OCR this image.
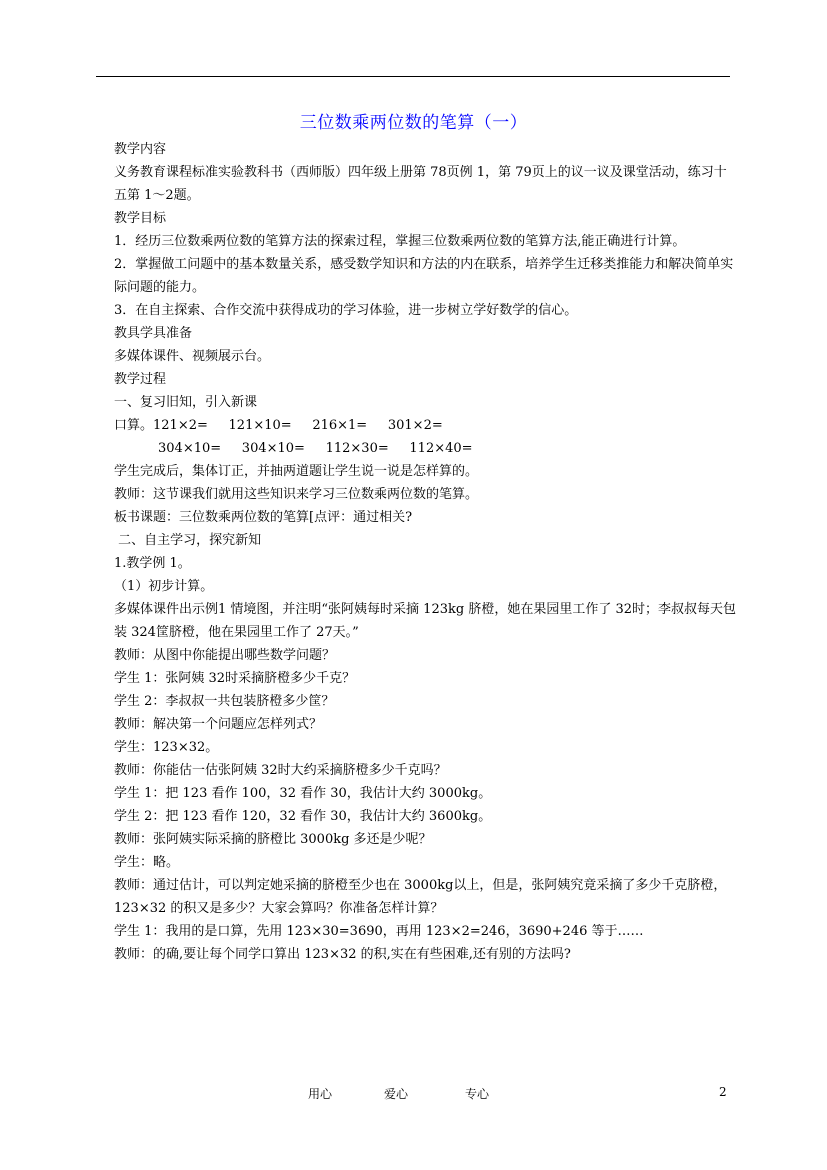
三位数乘两位数的笔算（一）

教学内容

义务教育课程标准实验教科书（西师版）四年级上册第 78页例 1，第 79页上的议一议及课堂活动，练习十五第 1～2题。

教学目标

1．经历三位数乘两位数的笔算方法的探索过程，掌握三位数乘两位数的笔算方法,能正确进行计算。

2．掌握做工问题中的基本数量关系，感受数学知识和方法的内在联系，培养学生迁移类推能力和解决简单实际问题的能力。

3．在自主探索、合作交流中获得成功的学习体验，进一步树立学好数学的信心。

教具学具准备

多媒体课件、视频展示台。

教学过程

一、复习旧知，引入新课

口算。121×2=     121×10=     216×1=     301×2=

304×10=     304×10=     112×30=     112×40=

学生完成后，集体订正，并抽两道题让学生说一说是怎样算的。

教师：这节课我们就用这些知识来学习三位数乘两位数的笔算。

板书课题：三位数乘两位数的笔算[点评：通过相关?

二、自主学习，探究新知

1.教学例 1。

（1）初步计算。

多媒体课件出示例1 情境图，并注明“张阿姨每时采摘 123kg 脐橙，她在果园里工作了 32时；李叔叔每天包装 324筐脐橙，他在果园里工作了 27天。”

教师：从图中你能提出哪些数学问题？

学生 1：张阿姨 32时采摘脐橙多少千克？

学生 2：李叔叔一共包装脐橙多少筐？

教师：解决第一个问题应怎样列式？

学生：123×32。

教师：你能估一估张阿姨 32时大约采摘脐橙多少千克吗？

学生 1：把 123 看作 100，32 看作 30，我估计大约 3000kg。

学生 2：把 123 看作 120，32 看作 30，我估计大约 3600kg。

教师：张阿姨实际采摘的脐橙比 3000kg 多还是少呢？

学生：略。

教师：通过估计，可以判定她采摘的脐橙至少也在 3000kg以上，但是，张阿姨究竟采摘了多少千克脐橙，123×32 的积又是多少？大家会算吗？你准备怎样计算？

学生 1：我用的是口算，先用 123×30=3690，再用 123×2=246，3690+246 等于……

教师：的确,要让每个同学口算出 123×32 的积,实在有些困难,还有别的方法吗?

用心	爱心	专心	2
